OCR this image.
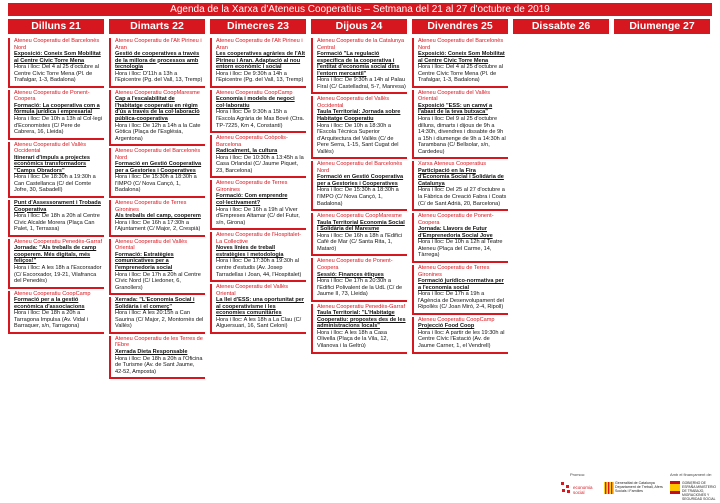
Agenda de la Xarxa d'Ateneus Cooperatius – Setmana del 21 al 27 d'octubre de 2019
Dilluns 21	Dimarts 22	Dimecres 23	Dijous 24	Divendres 25	Dissabte 26	Diumenge 27
Ateneu Cooperatiu del Barcelonès Nord
Exposició: Coneix Som Mobilitat al Centre Cívic Torre Mena
Hora i lloc: Del 4 al 25 d'octubre al Centre Cívic Torre Mena (Pl. de Trafalgar, 1-3, Badalona)
Ateneu Cooperatiu de Ponent-Coopera
Formació: La cooperativa com a fórmula jurídica i empresarial
Hora i lloc: De 10h a 13h al Col·legi d'Economistes (C/ Pere de Cabrera, 16, Lleida)
Ateneu Cooperatiu del Vallès Occidental
Itinerari d'impuls a projectes econòmics transformadors "Camps Obradors"
Hora i lloc: De 18:30h a 19:30h a Can Castellanca (C/ del Comte Jofre, 30, Sabadell)
Punt d'Assessorament i Trobada Cooperativa
Hora i lloc: De 18h a 20h al Centre Cívic Alcalde Morera (Plaça Can Palet, 1, Terrassa)
Ateneu Cooperatiu Penedès-Garraf
Jornada: "Als treballs de camp cooperem. Més digitals, més feliços!"
Hora i lloc: A les 18h a l'Escorxador (C/ Escorxador, 19-21, Vilafranca del Penedès)
Ateneu Cooperatiu CoopCamp
Formació per a la gestió econòmica d'associacions
Hora i lloc: De 18h a 20h a Tarragona Impulsa (Av. Vidal i Barraquer, s/n, Tarragona)
Ateneu Cooperatiu de l'Alt Pirineu i Aran
Gestió de cooperatives a través de la millora de processos amb tecnologia
Hora i lloc: D'11h a 13h a l'Epicentre (Pg. del Vall, 13, Tremp)
Ateneu Cooperatiu CoopMaresme
Cap a l'escalabilitat de l'habitatge cooperatiu en règim d'ús a través de la col·laboració pública-cooperativa
Hora i lloc: De 12h a 14h a la Cate Gòtica (Plaça de l'Església, Argentona)
Ateneu Cooperatiu del Barcelonès Nord
Formació en Gestió Cooperativa per a Gestories i Cooperatives
Hora i lloc: De 15:30h a 18:30h a l'IMPO (C/ Nova Cançó, 1, Badalona)
Ateneu Cooperatiu de Terres Gironines
Als treballs del camp, cooperem
Hora i lloc: De 16h a 17:30h a l'Ajuntament (C/ Major, 2, Crespià)
Ateneu Cooperatiu del Vallès Oriental
Formació: Estratègies comunicatives per a l'emprenedoria social
Hora i lloc: De 17h a 20h al Centre Cívic Nord (C/ Liedoner, 6, Granollers)
Xerrada: "L'Economia Social i Solidària i el comerç"
Hora i lloc: A les 20:15h a Can Saurina (C/ Major, 2, Montornès del Vallès)
Ateneu Cooperatiu de les Terres de l'Ebre
Xerrada Dieta Responsable
Hora i lloc: De 18h a 20h a l'Oficina de Turisme (Av. de Sant Jaume, 42-52, Amposta)
Ateneu Cooperatiu de l'Alt Pirineu i Aran
Les cooperatives agràries de l'Alt Pirineu i Aran. Adaptació al nou entorn econòmic i social
Hora i lloc: De 9:30h a 14h a l'Epicentre (Pg. del Vall, 13, Tremp)
Ateneu Cooperatiu CoopCamp
Economia i models de negoci col·laboratiu
Hora i lloc: De 9:30h a 15h a l'Escola Agrària de Mas Bové (Ctra. TP-7225, Km 4, Constantí)
Ateneu Cooperatiu Coòpolis-Barcelona
Radicalment, la cultura
Hora i lloc: De 10:30h a 13:45h a la Casa Orlandai (C/ Jaume Piquet, 23, Barcelona)
Ateneu Cooperatiu de Terres Gironines
Formació: Com emprendre col·lectivament?
Hora i lloc: De 16h a 19h al Viver d'Empreses Altamar (C/ del Futur, s/n, Girona)
Ateneu Cooperatiu de l'Hospitalet- La Collective
Noves línies de treball estratègies i metodologia
Hora i lloc: De 17:30h a 19:30h al centre d'estudis (Av. Josep Tarradellas i Joan, 44, l'Hospitalet)
Ateneu Cooperatiu del Vallès Oriental
La llei d'ESS: una oportunitat per al cooperativisme i les economies comunitàries
Hora i lloc: A les 18h a La Clau (C/ Alguersuari, 16, Sant Celoni)
Ateneu Cooperatiu de la Catalunya Central
Formació "La regulació específica de la cooperativa i l'entitat d'economia social dins l'entorn mercantil"
Hora i lloc: De 9:30h a 14h al Palau Firal (C/ Castelladral, 5-7, Manresa)
Ateneu Cooperatiu del Vallès Occidental
Taula Territorial: Jornada sobre Habitatge Cooperatiu
Hora i lloc: De 10h a 18:30h a l'Escola Tècnica Superior d'Arquitectura del Vallès (C/ de Pere Serra, 1-15, Sant Cugat del Vallès)
Ateneu Cooperatiu del Barcelonès Nord
Formació en Gestió Cooperativa per a Gestories i Cooperatives
Hora i lloc: De 15:30h a 18:30h a l'IMPO (C/ Nova Cançó, 1, Badalona)
Ateneu Cooperatiu CoopMaresme
Taula Territorial Economia Social i Solidària del Maresme
Hora i lloc: De 16h a 18h a l'Edifici Cafè de Mar (C/ Santa Rita, 1, Mataró)
Ateneu Cooperatiu de Ponent-Coopera
Sessió: Finances ètiques
Hora i lloc: De 17h a 20:30h a l'Edifici Polivalent de la UdL (C/ de Jaume II, 73, Lleida)
Ateneu Cooperatiu Penedès-Garraf
Taula Territorial: "L'Habitatge Cooperatiu: propostes des de les administracions locals"
Hora i lloc: A les 18h a Casa Olivella (Plaça de la Vila, 12, Vilanova i la Geltrú)
Ateneu Cooperatiu del Barcelonès Nord
Exposició: Coneix Som Mobilitat al Centre Cívic Torre Mena
Hora i lloc: Del 4 al 25 d'octubre al Centre Cívic Torre Mena (Pl. de Trafalgar, 1-3, Badalona)
Ateneu Cooperatiu del Vallès Oriental
Exposició "ESS: un camví a l'abast de la teva butxaca"
Hora i lloc: Del 9 al 25 d'octubre dilluns, dimarts i dijous de 9h a 14:30h, divendres i dissabte de 9h a 15h i diumenge de 9h a 14:30h al Tarambana (C/ Bellsolar, s/n, Cardedeu)
Xarxa Ateneus Cooperatius
Participació en la Fira d'Economia Social i Solidària de Catalunya
Hora i lloc: Del 25 al 27 d'octubre a la Fàbrica de Creació Fabra i Coats (C/ de Sant Adrià, 20, Barcelona)
Ateneu Cooperatiu de Ponent-Coopera
Jornada: Llavors de Futur d'Emprenedoria Social Jove
Hora i lloc: De 10h a 12h al Teatre Ateneu (Plaça del Carme, 14, Tàrrega)
Ateneu Cooperatiu de Terres Gironines
Formació jurídico-normativa per a l'economia social
Hora i lloc: De 17h a 19h a l'Agència de Desenvolupament del Ripollès (C/ Joan Miró, 2-4, Ripoll)
Ateneu Cooperatiu CoopCamp
Projecció Food Coop
Hora i lloc: A partir de les 19:30h al Centre Cívic l'Estació (Av. de Jaume Carner, 1, el Vendrell)
Promou:	Amb el finançament de:
economia social
Generalitat de Catalunya Departament de Treball, Afers Socials i Famílies
GOBIERNO DE ESPAÑA MINISTERIO DE TRABAJO, MIGRACIONES Y SEGURIDAD SOCIAL
